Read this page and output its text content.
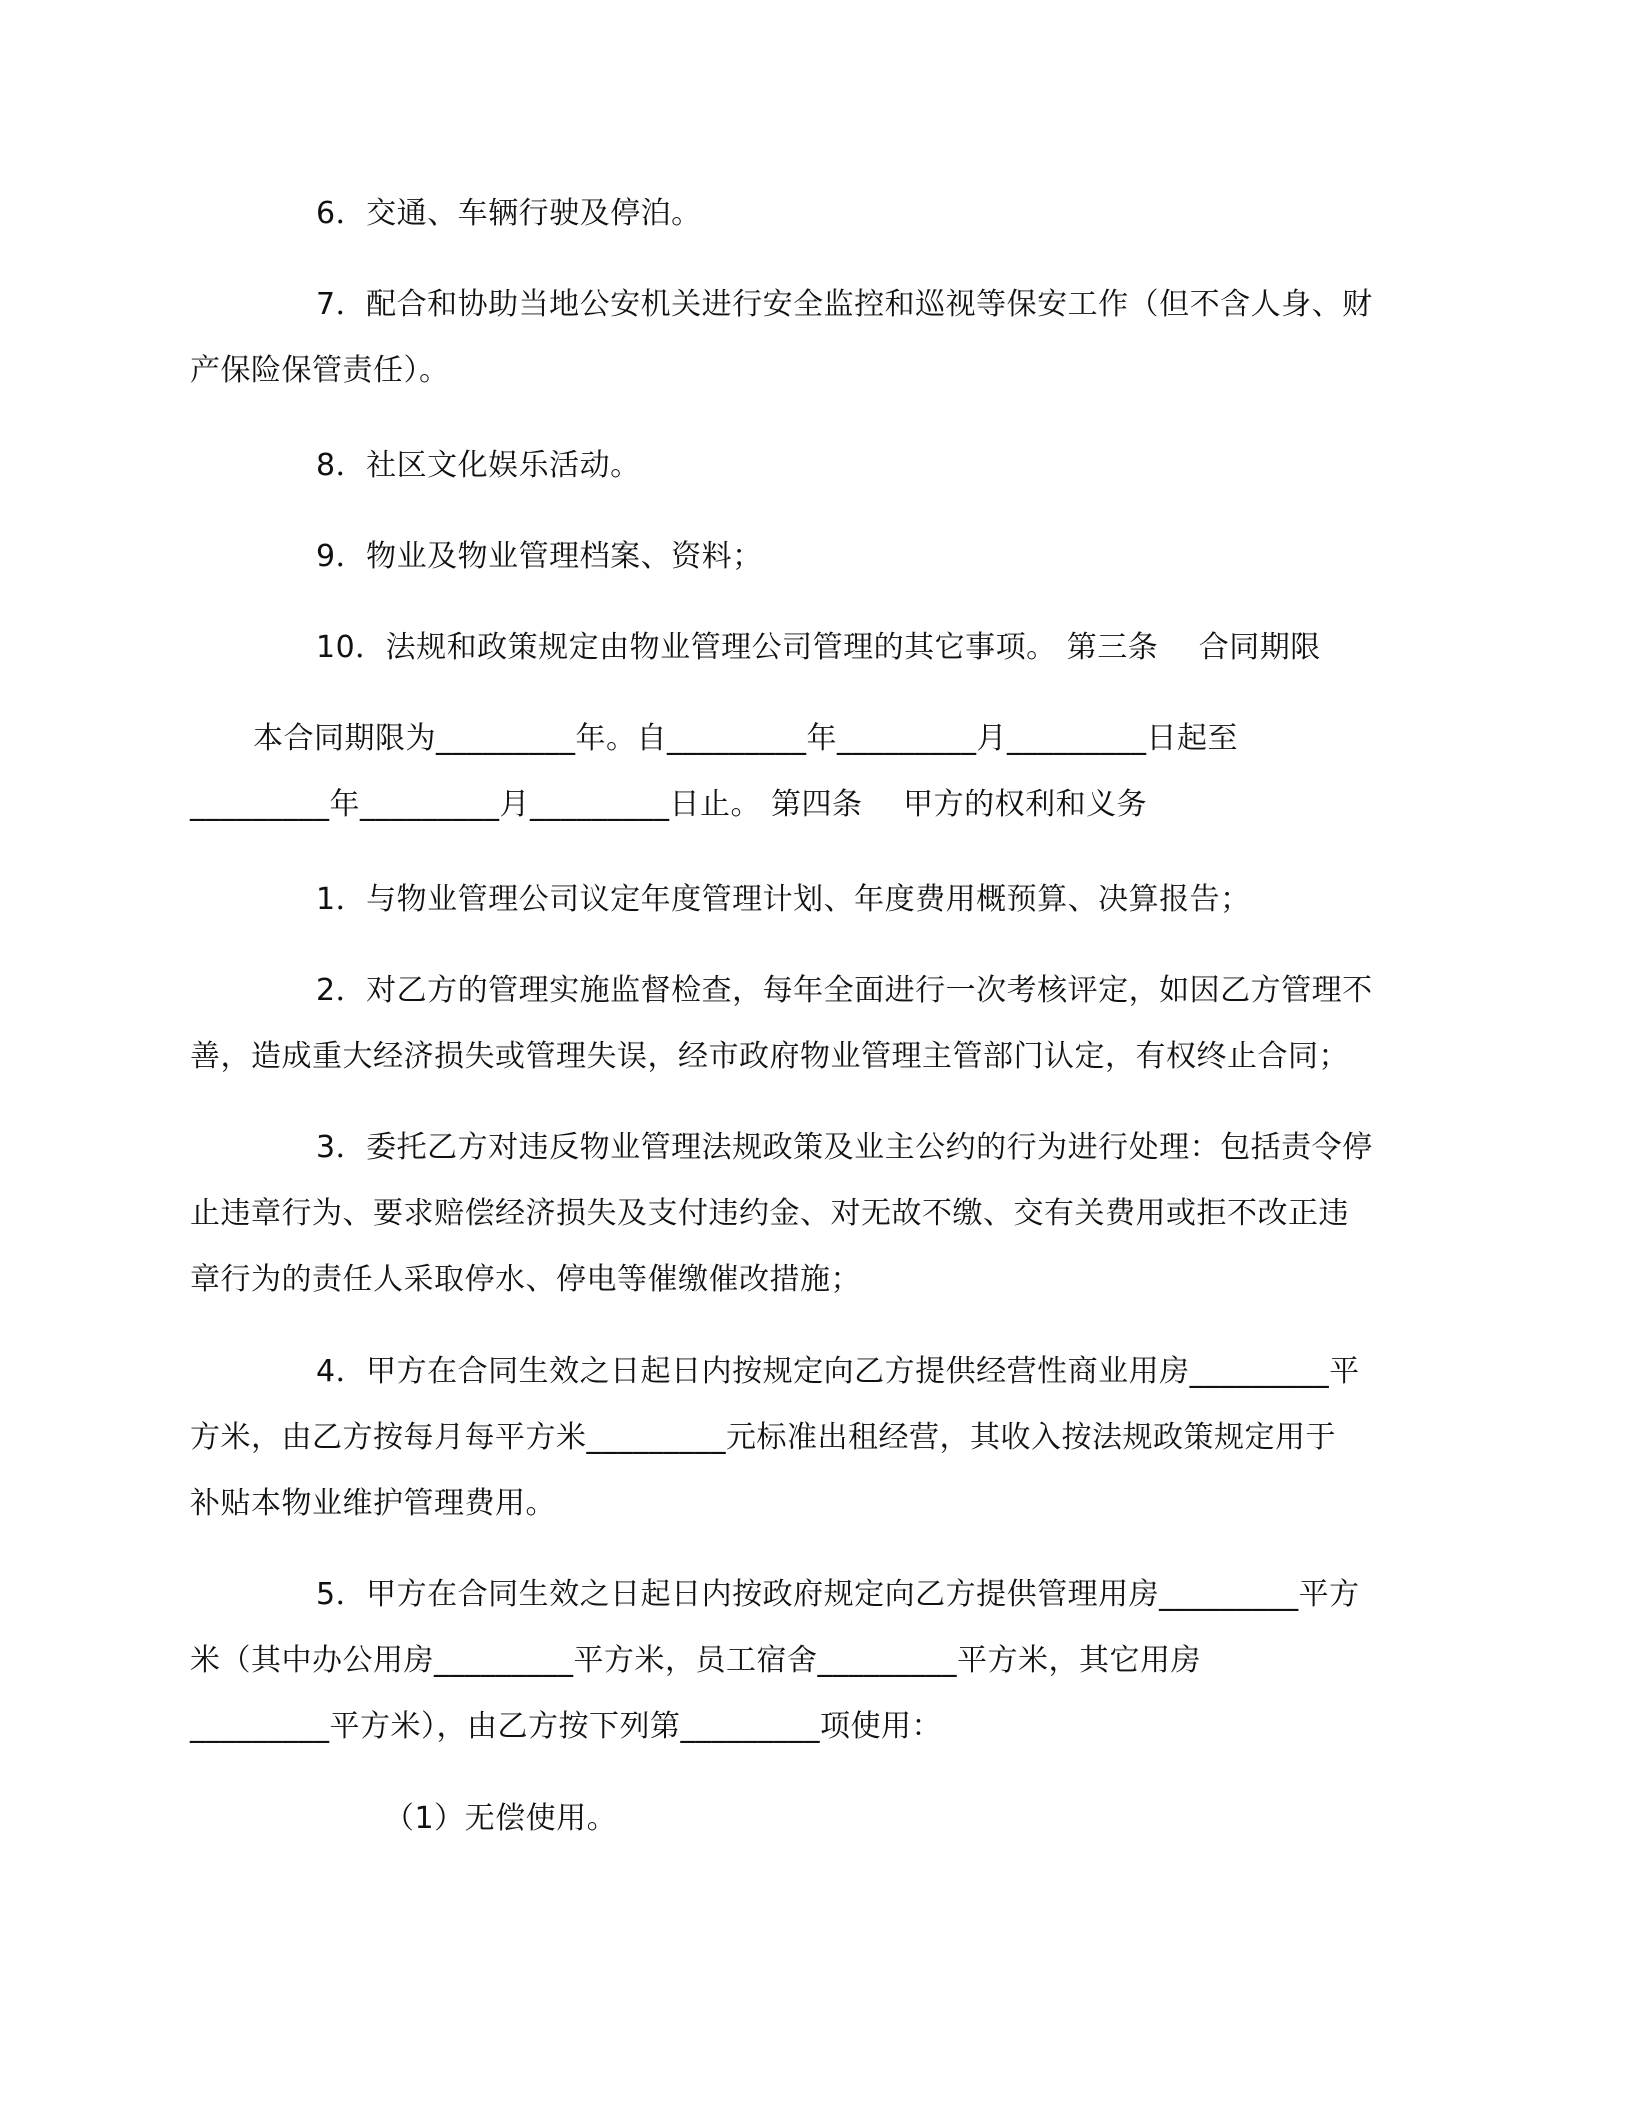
6．交通、车辆行驶及停泊。
7．配合和协助当地公安机关进行安全监控和巡视等保安工作（但不含人身、财
产保险保管责任）。
8．社区文化娱乐活动。
9．物业及物业管理档案、资料；
10．法规和政策规定由物业管理公司管理的其它事项。 第三条　 合同期限
本合同期限为_________年。自_________年_________月_________日起至
_________年_________月_________日止。 第四条　 甲方的权利和义务
1．与物业管理公司议定年度管理计划、年度费用概预算、决算报告；
2．对乙方的管理实施监督检查，每年全面进行一次考核评定，如因乙方管理不
善，造成重大经济损失或管理失误，经市政府物业管理主管部门认定，有权终止合同；
3．委托乙方对违反物业管理法规政策及业主公约的行为进行处理：包括责令停
止违章行为、要求赔偿经济损失及支付违约金、对无故不缴、交有关费用或拒不改正违
章行为的责任人采取停水、停电等催缴催改措施；
4．甲方在合同生效之日起日内按规定向乙方提供经营性商业用房_________平
方米，由乙方按每月每平方米_________元标准出租经营，其收入按法规政策规定用于
补贴本物业维护管理费用。
5．甲方在合同生效之日起日内按政府规定向乙方提供管理用房_________平方
米（其中办公用房_________平方米，员工宿舍_________平方米，其它用房
_________平方米），由乙方按下列第_________项使用：
（1）无偿使用。
